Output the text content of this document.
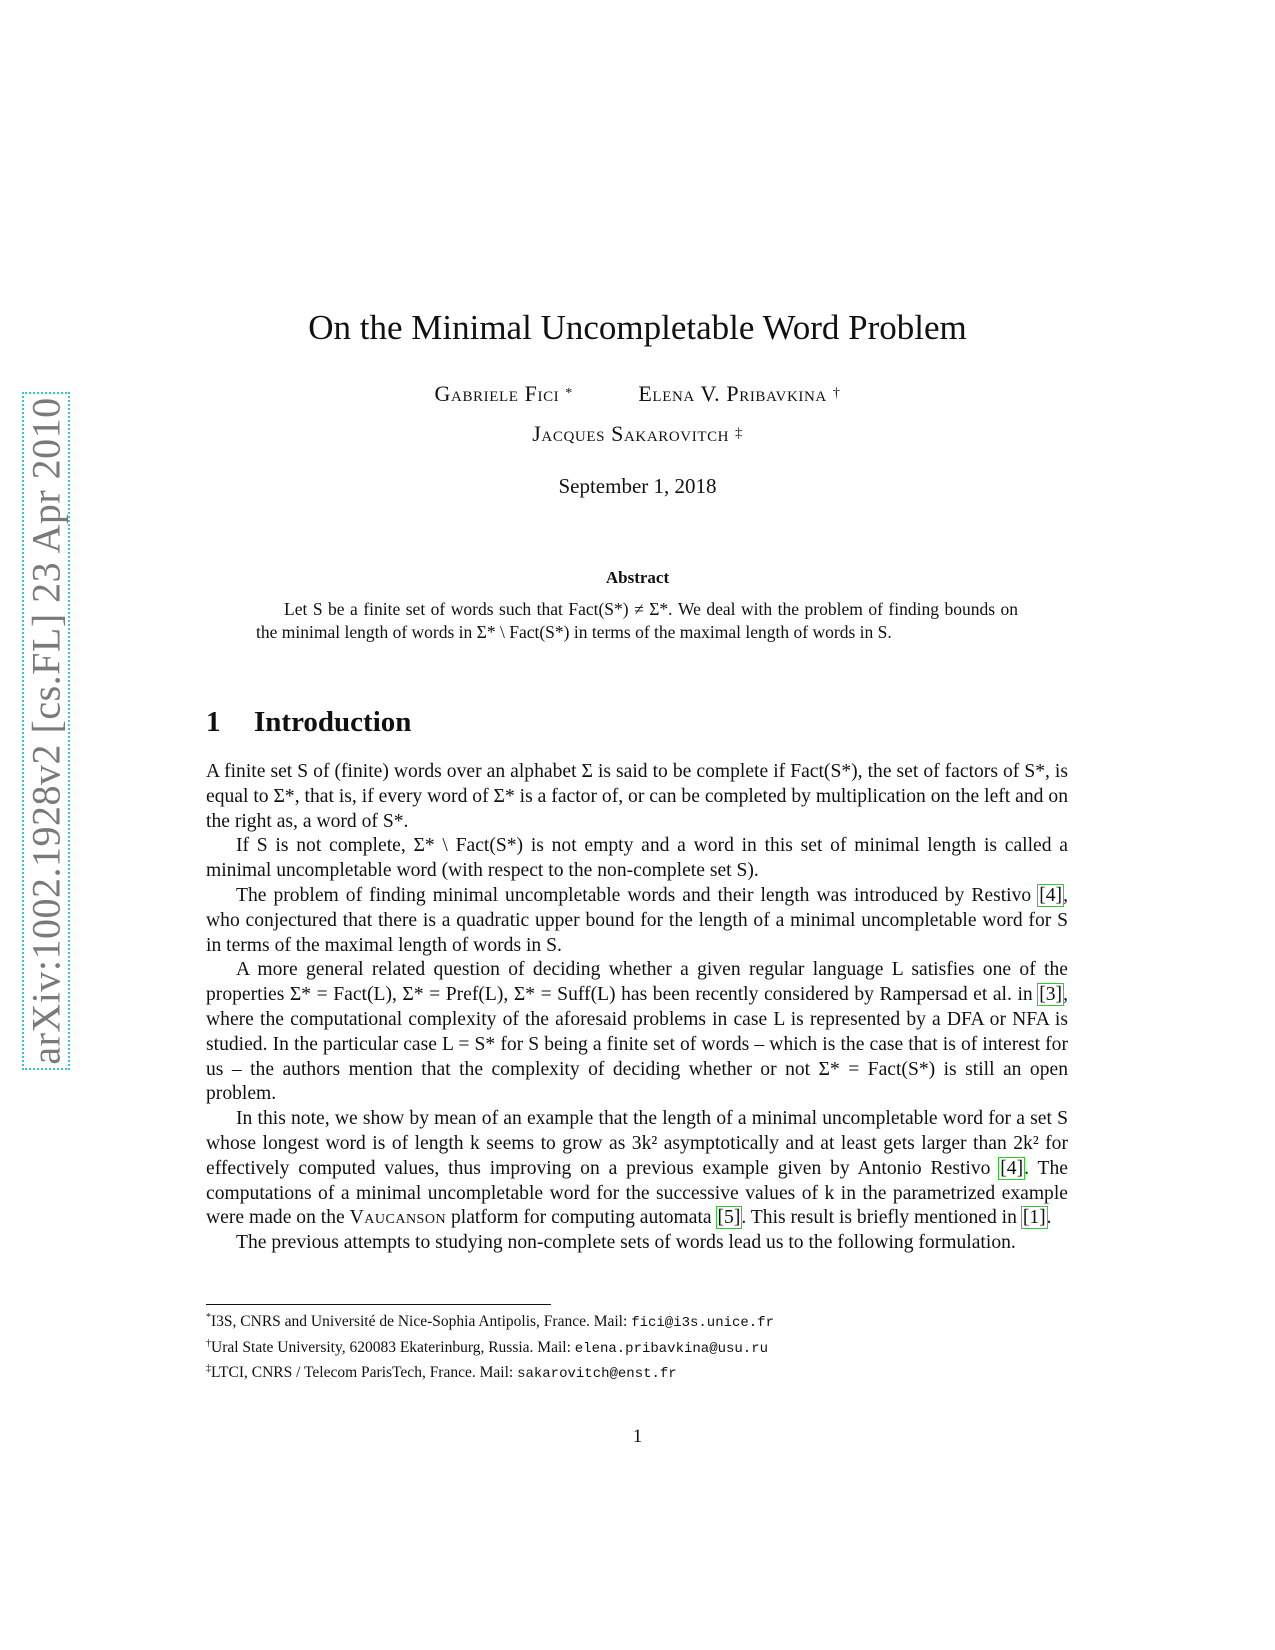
arXiv:1002.1928v2 [cs.FL] 23 Apr 2010
On the Minimal Uncompletable Word Problem
Gabriele Fici *	Elena V. Pribavkina †
Jacques Sakarovitch ‡
September 1, 2018
Abstract
Let S be a finite set of words such that Fact(S*) ≠ Σ*. We deal with the problem of finding bounds on the minimal length of words in Σ* \ Fact(S*) in terms of the maximal length of words in S.
1 Introduction

A finite set S of (finite) words over an alphabet Σ is said to be complete if Fact(S*), the set of factors of S*, is equal to Σ*, that is, if every word of Σ* is a factor of, or can be completed by multiplication on the left and on the right as, a word of S*.

If S is not complete, Σ* \ Fact(S*) is not empty and a word in this set of minimal length is called a minimal uncompletable word (with respect to the non-complete set S).

The problem of finding minimal uncompletable words and their length was introduced by Restivo [4], who conjectured that there is a quadratic upper bound for the length of a minimal uncompletable word for S in terms of the maximal length of words in S.

A more general related question of deciding whether a given regular language L satisfies one of the properties Σ* = Fact(L), Σ* = Pref(L), Σ* = Suff(L) has been recently considered by Rampersad et al. in [3], where the computational complexity of the aforesaid problems in case L is represented by a DFA or NFA is studied. In the particular case L = S* for S being a finite set of words – which is the case that is of interest for us – the authors mention that the complexity of deciding whether or not Σ* = Fact(S*) is still an open problem.

In this note, we show by mean of an example that the length of a minimal uncompletable word for a set S whose longest word is of length k seems to grow as 3k² asymptotically and at least gets larger than 2k² for effectively computed values, thus improving on a previous example given by Antonio Restivo [4]. The computations of a minimal uncompletable word for the successive values of k in the parametrized example were made on the Vaucanson platform for computing automata [5]. This result is briefly mentioned in [1].

The previous attempts to studying non-complete sets of words lead us to the following formulation.

*I3S, CNRS and Université de Nice-Sophia Antipolis, France. Mail: fici@i3s.unice.fr
†Ural State University, 620083 Ekaterinburg, Russia. Mail: elena.pribavkina@usu.ru
‡LTCI, CNRS / Telecom ParisTech, France. Mail: sakarovitch@enst.fr
1
